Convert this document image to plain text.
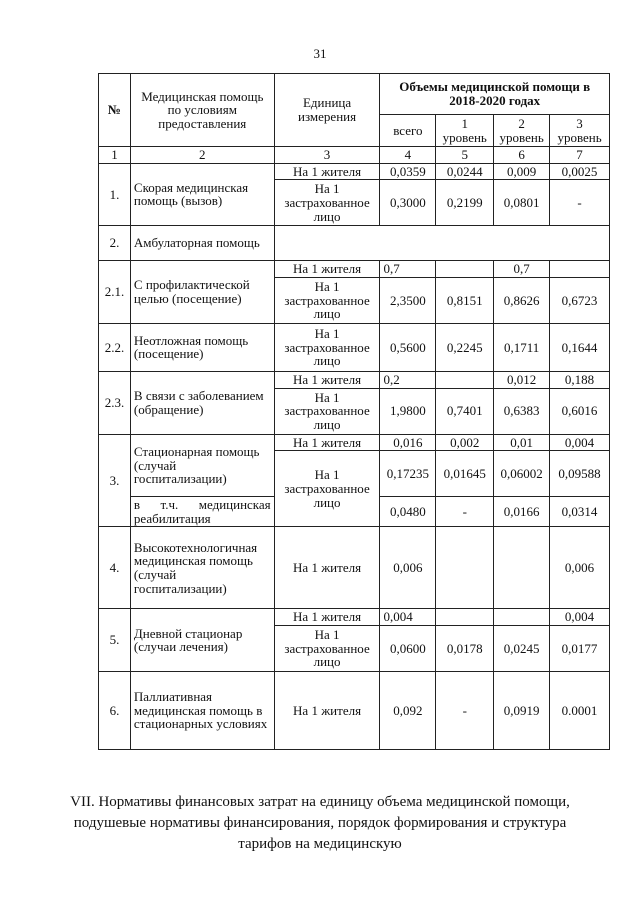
31
№	Медицинская помощь по условиям предоставления	Единица измерения	Объемы медицинской помощи в 2018-2020 годах			
			всего	1 уровень	2 уровень	3 уровень
1	2	3	4	5	6	7
1.	Скорая медицинская помощь (вызов)	На 1 жителя	0,0359	0,0244	0,009	0,0025
		На 1 застрахованное лицо	0,3000	0,2199	0,0801	-
2.	Амбулаторная помощь					
2.1.	С профилактической целью (посещение)	На 1 жителя	0,7		0,7	
		На 1 застрахованное лицо	2,3500	0,8151	0,8626	0,6723
2.2.	Неотложная помощь (посещение)	На 1 застрахованное лицо	0,5600	0,2245	0,1711	0,1644
2.3.	В связи с заболеванием (обращение)	На 1 жителя	0,2		0,012	0,188
		На 1 застрахованное лицо	1,9800	0,7401	0,6383	0,6016
3.	Стационарная помощь (случай госпитализации)	На 1 жителя	0,016	0,002	0,01	0,004
		На 1 застрахованное лицо	0,17235	0,01645	0,06002	0,09588
	в т.ч. медицинская реабилитация		0,0480	-	0,0166	0,0314
4.	Высокотехнологичная медицинская помощь (случай госпитализации)	На 1 жителя	0,006			0,006
5.	Дневной стационар (случаи лечения)	На 1 жителя	0,004			0,004
		На 1 застрахованное лицо	0,0600	0,0178	0,0245	0,0177
6.	Паллиативная медицинская помощь в стационарных условиях	На 1 жителя	0,092	-	0,0919	0.0001
VII. Нормативы финансовых затрат на единицу объема медицинской помощи, подушевые нормативы финансирования, порядок формирования и структура тарифов на медицинскую
